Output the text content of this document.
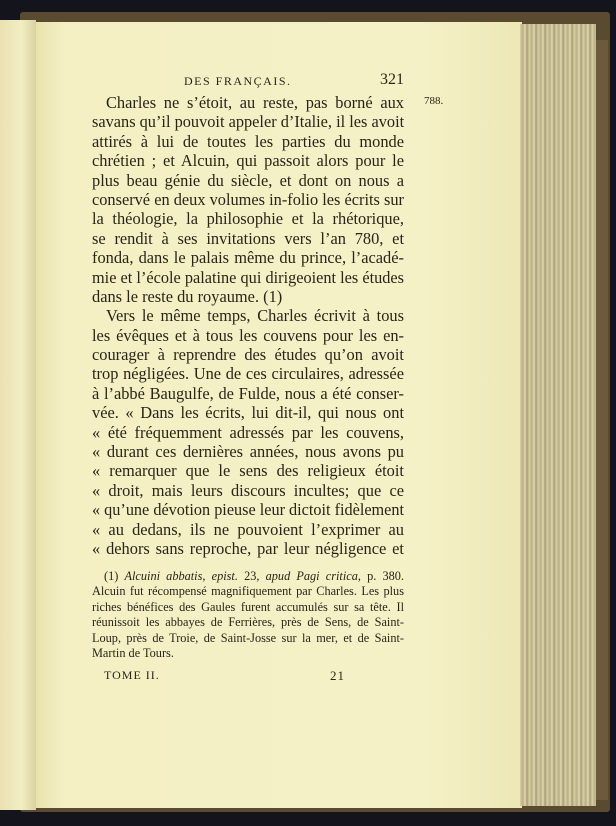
DES FRANÇAIS.	321
788.
Charles ne s’étoit, au reste, pas borné aux
savans qu’il pouvoit appeler d’Italie, il les avoit
attirés à lui de toutes les parties du monde
chrétien ; et Alcuin, qui passoit alors pour le
plus beau génie du siècle, et dont on nous a
conservé en deux volumes in-folio les écrits sur
la théologie, la philosophie et la rhétorique,
se rendit à ses invitations vers l’an 780, et
fonda, dans le palais même du prince, l’acadé-
mie et l’école palatine qui dirigeoient les études
dans le reste du royaume. (1)
Vers le même temps, Charles écrivit à tous
les évêques et à tous les couvens pour les en-
courager à reprendre des études qu’on avoit
trop négligées. Une de ces circulaires, adressée
à l’abbé Baugulfe, de Fulde, nous a été conser-
vée. « Dans les écrits, lui dit-il, qui nous ont
« été fréquemment adressés par les couvens,
« durant ces dernières années, nous avons pu
« remarquer que le sens des religieux étoit
« droit, mais leurs discours incultes; que ce
« qu’une dévotion pieuse leur dictoit fidèlement
« au dedans, ils ne pouvoient l’exprimer au
« dehors sans reproche, par leur négligence et
(1) Alcuini abbatis, epist. 23, apud Pagi critica, p. 380.
Alcuin fut récompensé magnifiquement par Charles. Les plus
riches bénéfices des Gaules furent accumulés sur sa tête. Il
réunissoit les abbayes de Ferrières, près de Sens, de Saint-
Loup, près de Troie, de Saint-Josse sur la mer, et de Saint-
Martin de Tours.
TOME II.	21
